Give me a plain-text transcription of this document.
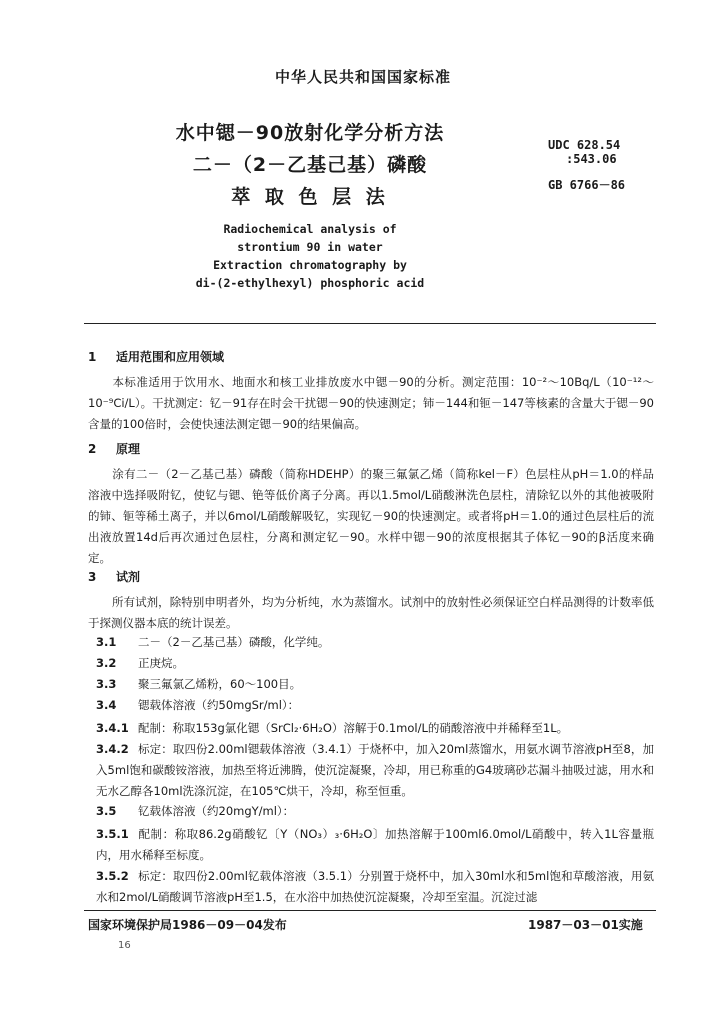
中华人民共和国国家标准
水中锶－90放射化学分析方法
二－（2－乙基己基）磷酸
萃 取 色 层 法
UDC 628.54
:543.06
GB 6766－86
Radiochemical analysis of
strontium 90 in water
Extraction chromatography by
di-(2-ethylhexyl) phosphoric acid
1 适用范围和应用领域
本标准适用于饮用水、地面水和核工业排放废水中锶－90的分析。测定范围：10⁻²～10Bq/L（10⁻¹²～10⁻⁹Ci/L）。干扰测定：钇－91存在时会干扰锶－90的快速测定；铈－144和钷－147等核素的含量大于锶－90含量的100倍时，会使快速法测定锶－90的结果偏高。
2 原理
涂有二－（2－乙基己基）磷酸（简称HDEHP）的聚三氟氯乙烯（简称kel－F）色层柱从pH＝1.0的样品溶液中选择吸附钇，使钇与锶、铯等低价离子分离。再以1.5mol/L硝酸淋洗色层柱，清除钇以外的其他被吸附的铈、钷等稀土离子，并以6mol/L硝酸解吸钇，实现钇－90的快速测定。或者将pH＝1.0的通过色层柱后的流出液放置14d后再次通过色层柱，分离和测定钇－90。水样中锶－90的浓度根据其子体钇－90的β活度来确定。
3 试剂
所有试剂，除特别申明者外，均为分析纯，水为蒸馏水。试剂中的放射性必须保证空白样品测得的计数率低于探测仪器本底的统计误差。
3.1 二－（2－乙基己基）磷酸，化学纯。
3.2 正庚烷。
3.3 聚三氟氯乙烯粉，60～100目。
3.4 锶载体溶液（约50mgSr/ml）：
3.4.1 配制：称取153g氯化锶（SrCl₂·6H₂O）溶解于0.1mol/L的硝酸溶液中并稀释至1L。
3.4.2 标定：取四份2.00ml锶载体溶液（3.4.1）于烧杯中，加入20ml蒸馏水，用氨水调节溶液pH至8，加入5ml饱和碳酸铵溶液，加热至将近沸腾，使沉淀凝聚，冷却，用已称重的G4玻璃砂芯漏斗抽吸过滤，用水和无水乙醇各10ml洗涤沉淀，在105℃烘干，冷却，称至恒重。
3.5 钇载体溶液（约20mgY/ml）：
3.5.1 配制：称取86.2g硝酸钇〔Y（NO₃）₃·6H₂O〕加热溶解于100ml6.0mol/L硝酸中，转入1L容量瓶内，用水稀释至标度。
3.5.2 标定：取四份2.00ml钇载体溶液（3.5.1）分别置于烧杯中，加入30ml水和5ml饱和草酸溶液，用氨水和2mol/L硝酸调节溶液pH至1.5，在水浴中加热使沉淀凝聚，冷却至室温。沉淀过滤
国家环境保护局1986－09－04发布	1987－03－01实施
16
